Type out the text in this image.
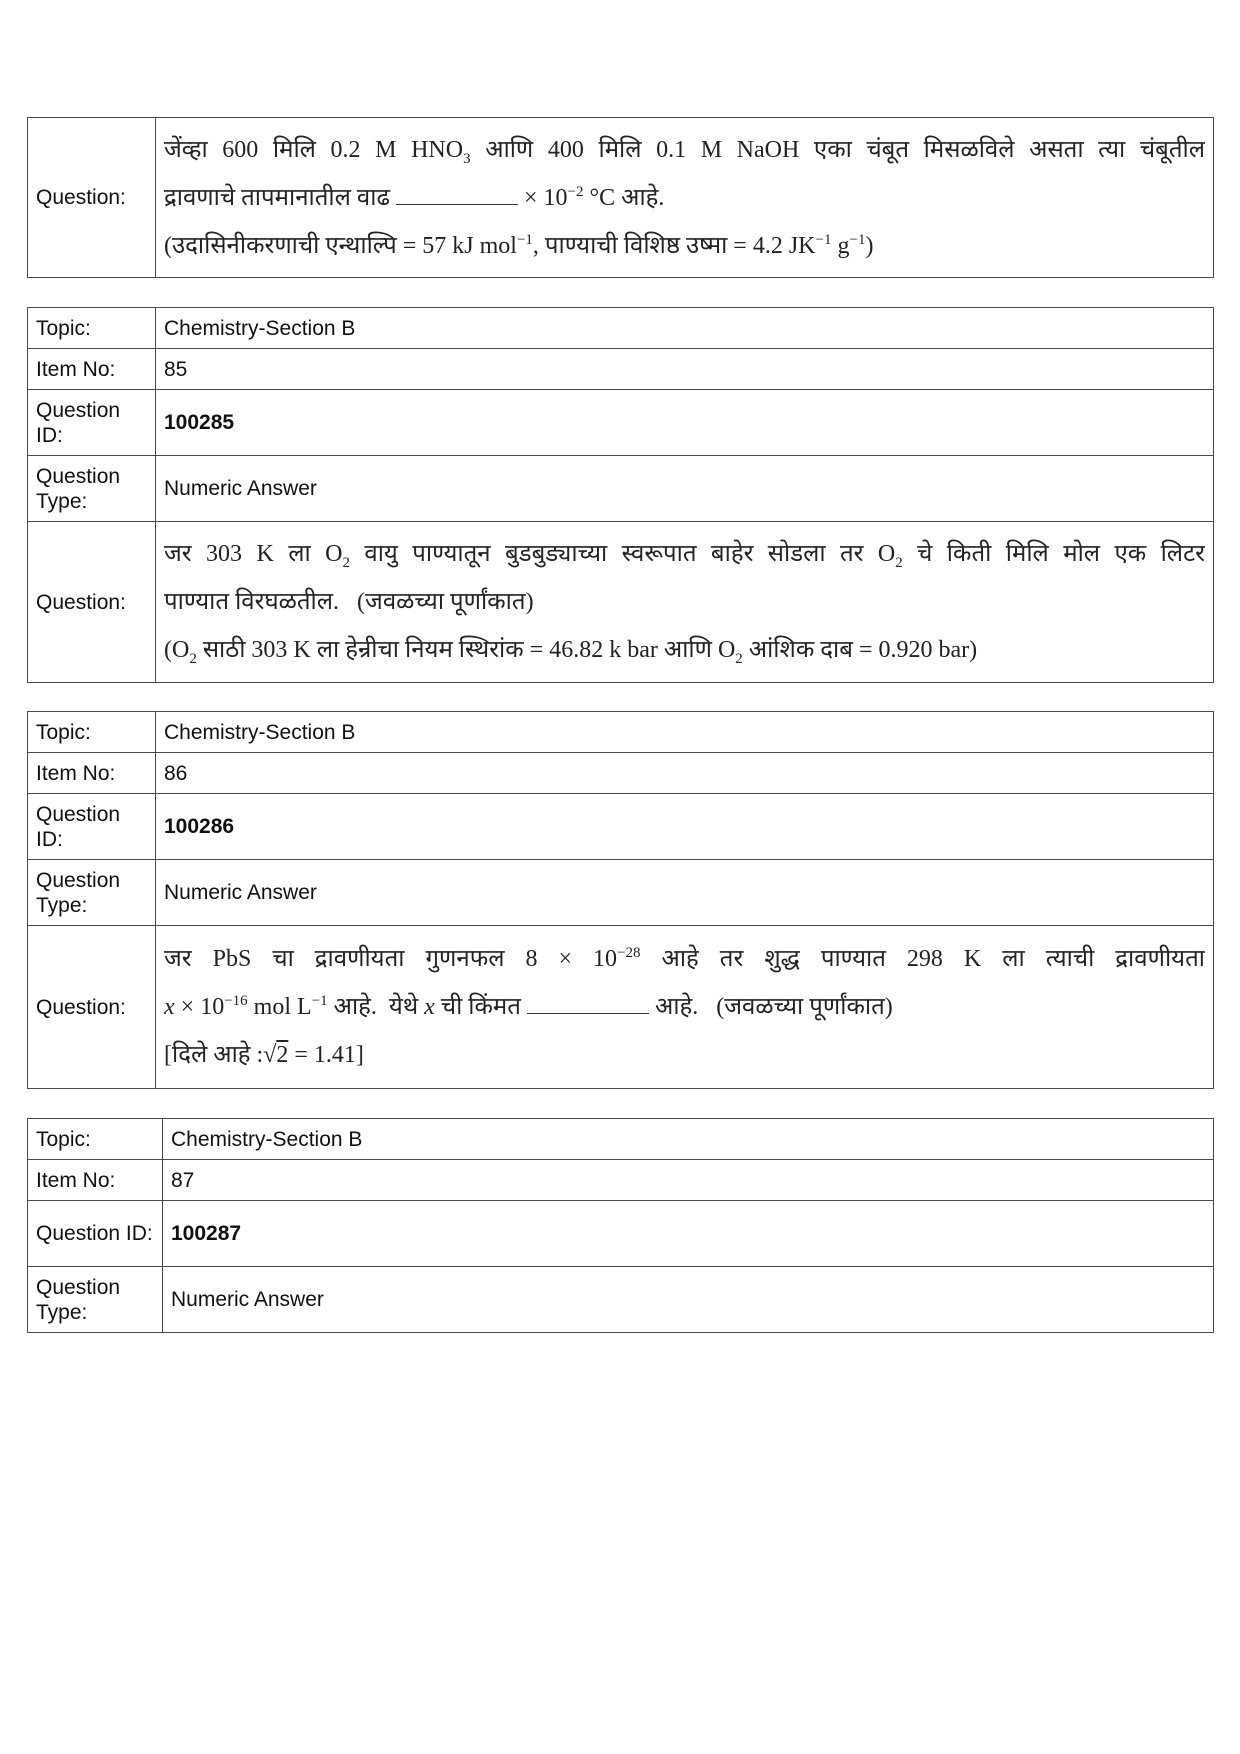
Question:	
जेंव्हा 600 मिलि 0.2 M $HNO_3$ आणि 400 मिलि 0.1 M NaOH एका चंबूत मिसळविले असता त्या चंबूतील
द्रावणाचे तापमानातील वाढ	× $10^{-2}$ °C आहे.
(उदासिनीकरणाची एन्थाल्पि = 57 kJ mol$^{-1}$, पाण्याची विशिष्ठ उष्मा = 4.2 $JK^{-1}$ $g^{-1}$)
Topic:	Chemistry-Section B
Item No:	85
Question ID:	100285
Question Type:	Numeric Answer
Question:	जर 303 K ला $O_2$ वायु पाण्यातून बुडबुड्याच्या स्वरूपात बाहेर सोडला तर $O_2$ चे किती मिलि मोल एक लिटर
पाण्यात विरघळतील.   (जवळच्या पूर्णांकात)
($O_2$ साठी 303 K ला हेन्रीचा नियम स्थिरांक = 46.82 k bar आणि $O_2$ आंशिक दाब = 0.920 bar)
Topic:	Chemistry-Section B
Item No:	86
Question ID:	100286
Question Type:	Numeric Answer
Question:	जर PbS चा द्रावणीयता गुणनफल $8 \times 10^{-28}$ आहे तर शुद्ध पाण्यात 298 K ला त्याची द्रावणीयता
$x \times 10^{-16}$ mol $L^{-1}$ आहे.  येथे x ची किंमत आहे.   (जवळच्या पूर्णांकात)
[दिले आहे :√2 = 1.41]
Topic:	Chemistry-Section B
Item No:	87
Question ID:	100287
Question Type:	Numeric Answer
